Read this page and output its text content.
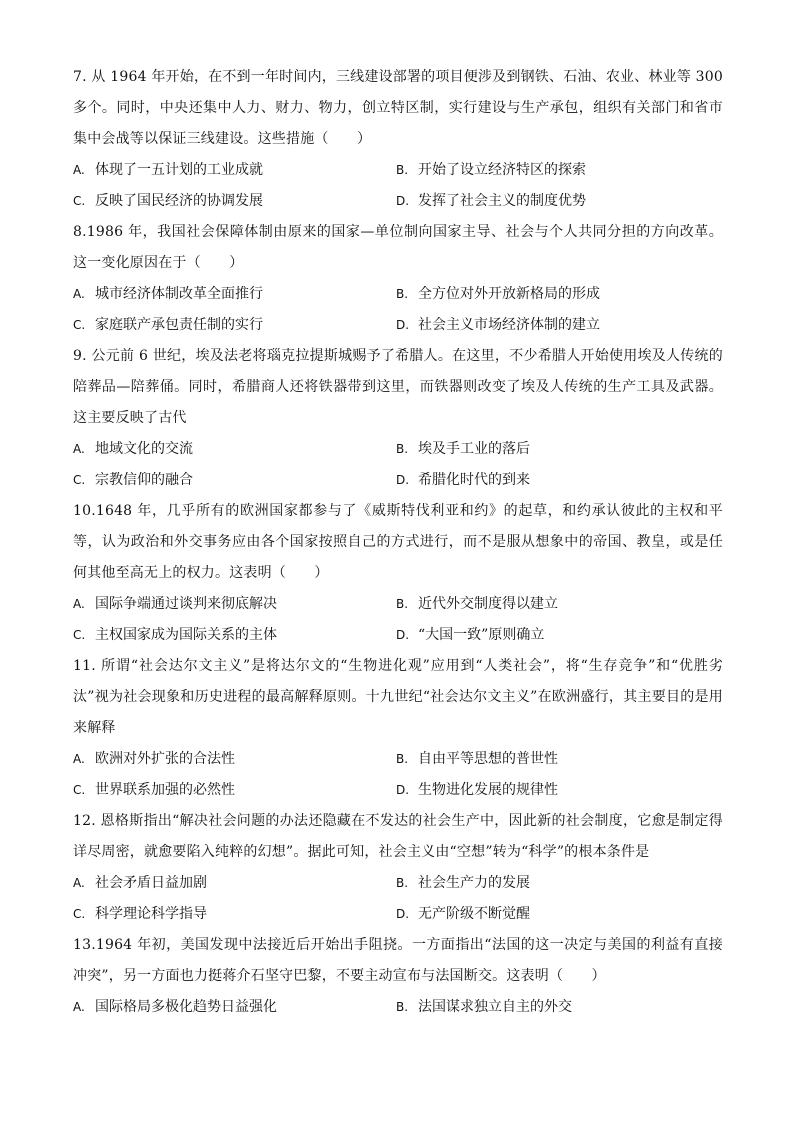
7. 从 1964 年开始，在不到一年时间内，三线建设部署的项目便涉及到钢铁、石油、农业、林业等 300 多个。同时，中央还集中人力、财力、物力，创立特区制，实行建设与生产承包，组织有关部门和省市集中会战等以保证三线建设。这些措施（　　）

A. 体现了一五计划的工业成就	B. 开始了设立经济特区的探索
C. 反映了国民经济的协调发展	D. 发挥了社会主义的制度优势

8.1986 年，我国社会保障体制由原来的国家—单位制向国家主导、社会与个人共同分担的方向改革。这一变化原因在于（　　）

A. 城市经济体制改革全面推行	B. 全方位对外开放新格局的形成
C. 家庭联产承包责任制的实行	D. 社会主义市场经济体制的建立

9. 公元前 6 世纪，埃及法老将瑙克拉提斯城赐予了希腊人。在这里，不少希腊人开始使用埃及人传统的陪葬品—陪葬俑。同时，希腊商人还将铁器带到这里，而铁器则改变了埃及人传统的生产工具及武器。这主要反映了古代

A. 地域文化的交流	B. 埃及手工业的落后
C. 宗教信仰的融合	D. 希腊化时代的到来

10.1648 年，几乎所有的欧洲国家都参与了《威斯特伐利亚和约》的起草，和约承认彼此的主权和平等，认为政治和外交事务应由各个国家按照自己的方式进行，而不是服从想象中的帝国、教皇，或是任何其他至高无上的权力。这表明（　　）

A. 国际争端通过谈判来彻底解决	B. 近代外交制度得以建立
C. 主权国家成为国际关系的主体	D. “大国一致”原则确立

11. 所谓“社会达尔文主义”是将达尔文的“生物进化观”应用到“人类社会”，将“生存竞争”和“优胜劣汰”视为社会现象和历史进程的最高解释原则。十九世纪“社会达尔文主义”在欧洲盛行，其主要目的是用来解释

A. 欧洲对外扩张的合法性	B. 自由平等思想的普世性
C. 世界联系加强的必然性	D. 生物进化发展的规律性

12. 恩格斯指出“解决社会问题的办法还隐藏在不发达的社会生产中，因此新的社会制度，它愈是制定得详尽周密，就愈要陷入纯粹的幻想”。据此可知，社会主义由“空想”转为“科学”的根本条件是

A. 社会矛盾日益加剧	B. 社会生产力的发展
C. 科学理论科学指导	D. 无产阶级不断觉醒

13.1964 年初，美国发现中法接近后开始出手阻挠。一方面指出“法国的这一决定与美国的利益有直接冲突”，另一方面也力挺蒋介石坚守巴黎，不要主动宣布与法国断交。这表明（　　）

A. 国际格局多极化趋势日益强化	B. 法国谋求独立自主的外交
